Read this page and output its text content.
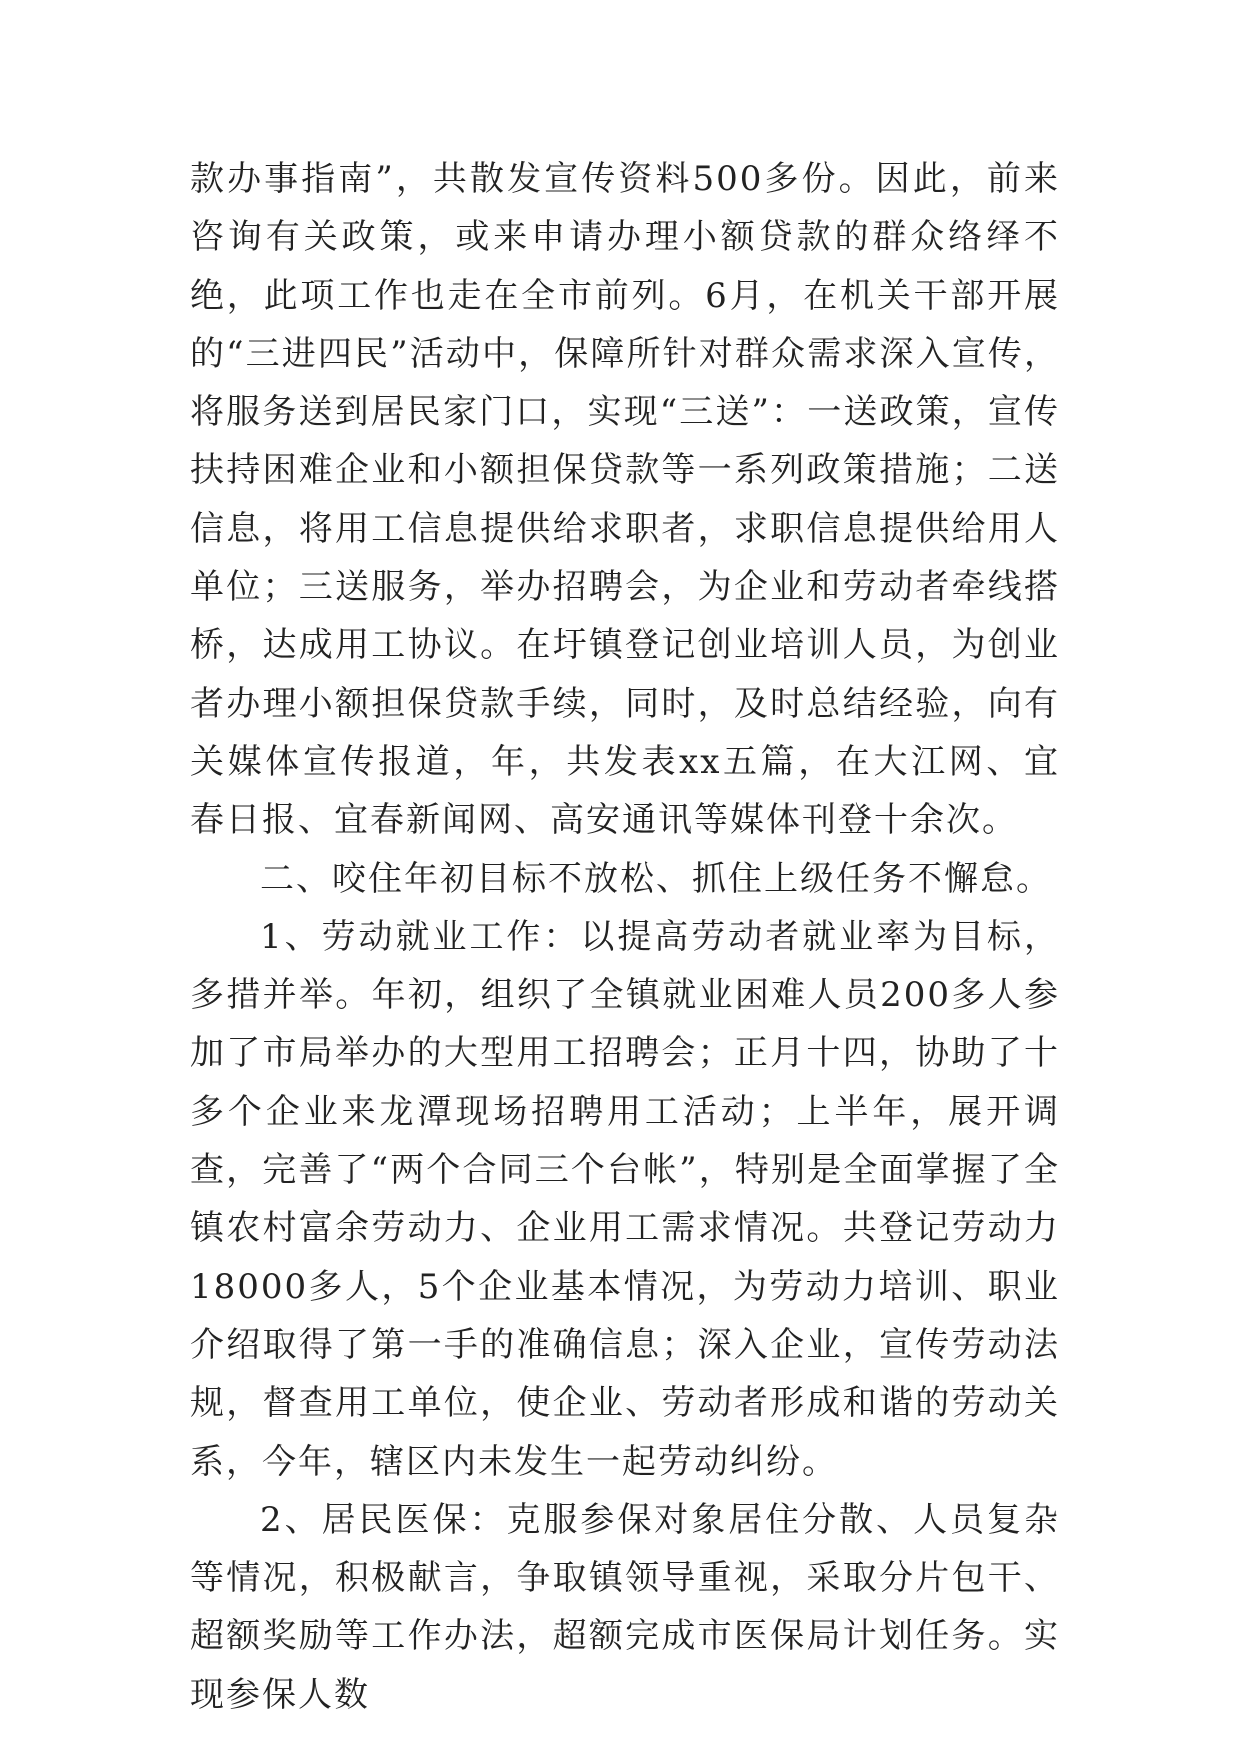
款办事指南”，共散发宣传资料500多份。因此，前来咨询有关政策，或来申请办理小额贷款的群众络绎不绝，此项工作也走在全市前列。6月，在机关干部开展的“三进四民”活动中，保障所针对群众需求深入宣传，将服务送到居民家门口，实现“三送”：一送政策，宣传扶持困难企业和小额担保贷款等一系列政策措施；二送信息，将用工信息提供给求职者，求职信息提供给用人单位；三送服务，举办招聘会，为企业和劳动者牵线搭桥，达成用工协议。在圩镇登记创业培训人员，为创业者办理小额担保贷款手续，同时，及时总结经验，向有关媒体宣传报道，年，共发表xx五篇，在大江网、宜春日报、宜春新闻网、高安通讯等媒体刊登十余次。

二、咬住年初目标不放松、抓住上级任务不懈怠。

1、劳动就业工作：以提高劳动者就业率为目标，多措并举。年初，组织了全镇就业困难人员200多人参加了市局举办的大型用工招聘会；正月十四，协助了十多个企业来龙潭现场招聘用工活动；上半年，展开调查，完善了“两个合同三个台帐”，特别是全面掌握了全镇农村富余劳动力、企业用工需求情况。共登记劳动力18000多人，5个企业基本情况，为劳动力培训、职业介绍取得了第一手的准确信息；深入企业，宣传劳动法规，督查用工单位，使企业、劳动者形成和谐的劳动关系，今年，辖区内未发生一起劳动纠纷。

2、居民医保：克服参保对象居住分散、人员复杂等情况，积极献言，争取镇领导重视，采取分片包干、超额奖励等工作办法，超额完成市医保局计划任务。实现参保人数
